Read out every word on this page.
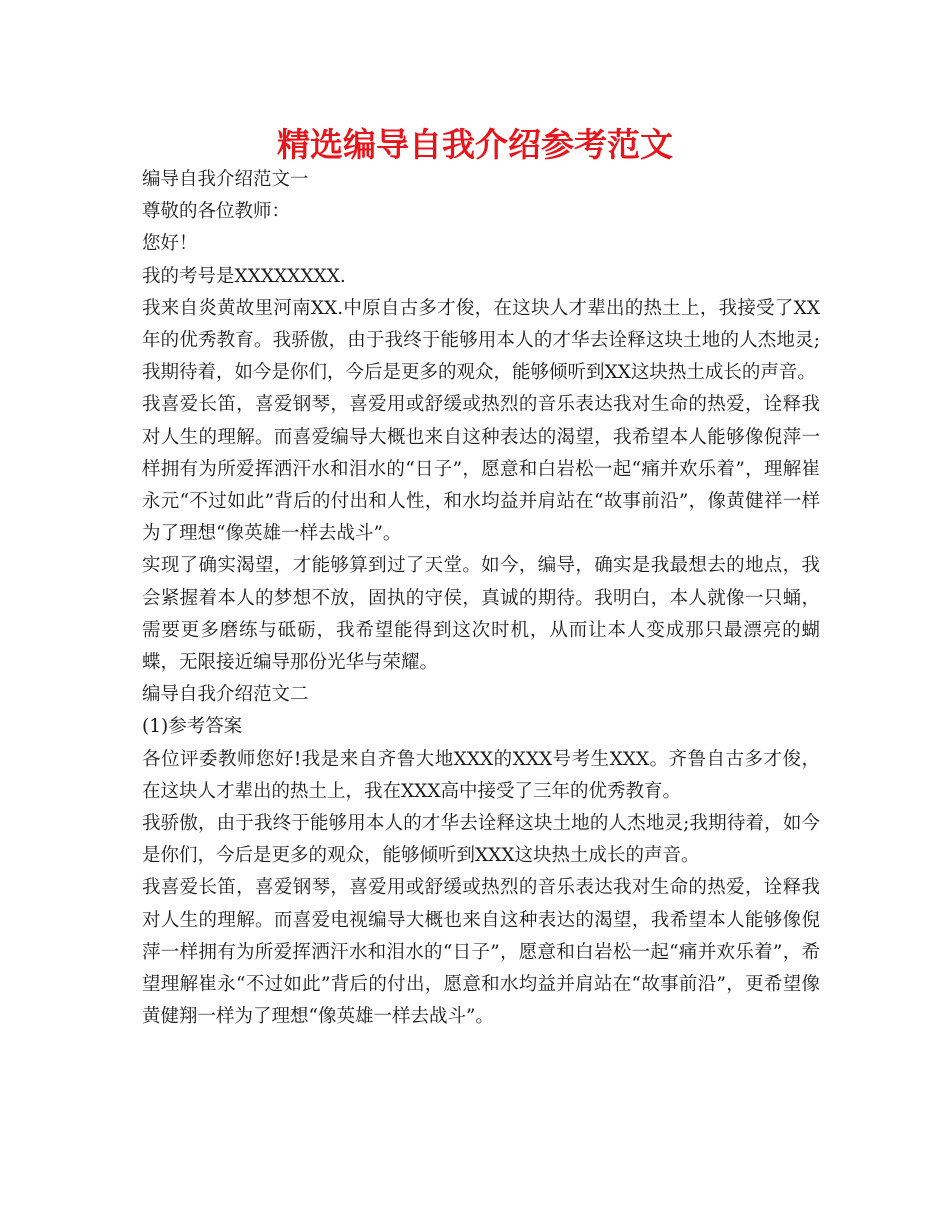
精选编导自我介绍参考范文

编导自我介绍范文一

尊敬的各位教师：

您好！

我的考号是XXXXXXXX.

我来自炎黄故里河南XX.中原自古多才俊，在这块人才辈出的热土上，我接受了XX年的优秀教育。我骄傲，由于我终于能够用本人的才华去诠释这块土地的人杰地灵;我期待着，如今是你们，今后是更多的观众，能够倾听到XX这块热土成长的声音。

我喜爱长笛，喜爱钢琴，喜爱用或舒缓或热烈的音乐表达我对生命的热爱，诠释我对人生的理解。而喜爱编导大概也来自这种表达的渴望，我希望本人能够像倪萍一样拥有为所爱挥洒汗水和泪水的“日子”，愿意和白岩松一起“痛并欢乐着”，理解崔永元“不过如此”背后的付出和人性，和水均益并肩站在“故事前沿”，像黄健祥一样为了理想“像英雄一样去战斗”。

实现了确实渴望，才能够算到过了天堂。如今，编导，确实是我最想去的地点，我会紧握着本人的梦想不放，固执的守侯，真诚的期待。我明白，本人就像一只蛹，需要更多磨练与砥砺，我希望能得到这次时机，从而让本人变成那只最漂亮的蝴蝶，无限接近编导那份光华与荣耀。

编导自我介绍范文二

(1)参考答案

各位评委教师您好!我是来自齐鲁大地XXX的XXX号考生XXX。齐鲁自古多才俊，在这块人才辈出的热土上，我在XXX高中接受了三年的优秀教育。

我骄傲，由于我终于能够用本人的才华去诠释这块土地的人杰地灵;我期待着，如今是你们，今后是更多的观众，能够倾听到XXX这块热土成长的声音。

我喜爱长笛，喜爱钢琴，喜爱用或舒缓或热烈的音乐表达我对生命的热爱，诠释我对人生的理解。而喜爱电视编导大概也来自这种表达的渴望，我希望本人能够像倪萍一样拥有为所爱挥洒汗水和泪水的“日子”，愿意和白岩松一起“痛并欢乐着”，希望理解崔永“不过如此”背后的付出，愿意和水均益并肩站在“故事前沿”，更希望像黄健翔一样为了理想“像英雄一样去战斗”。
